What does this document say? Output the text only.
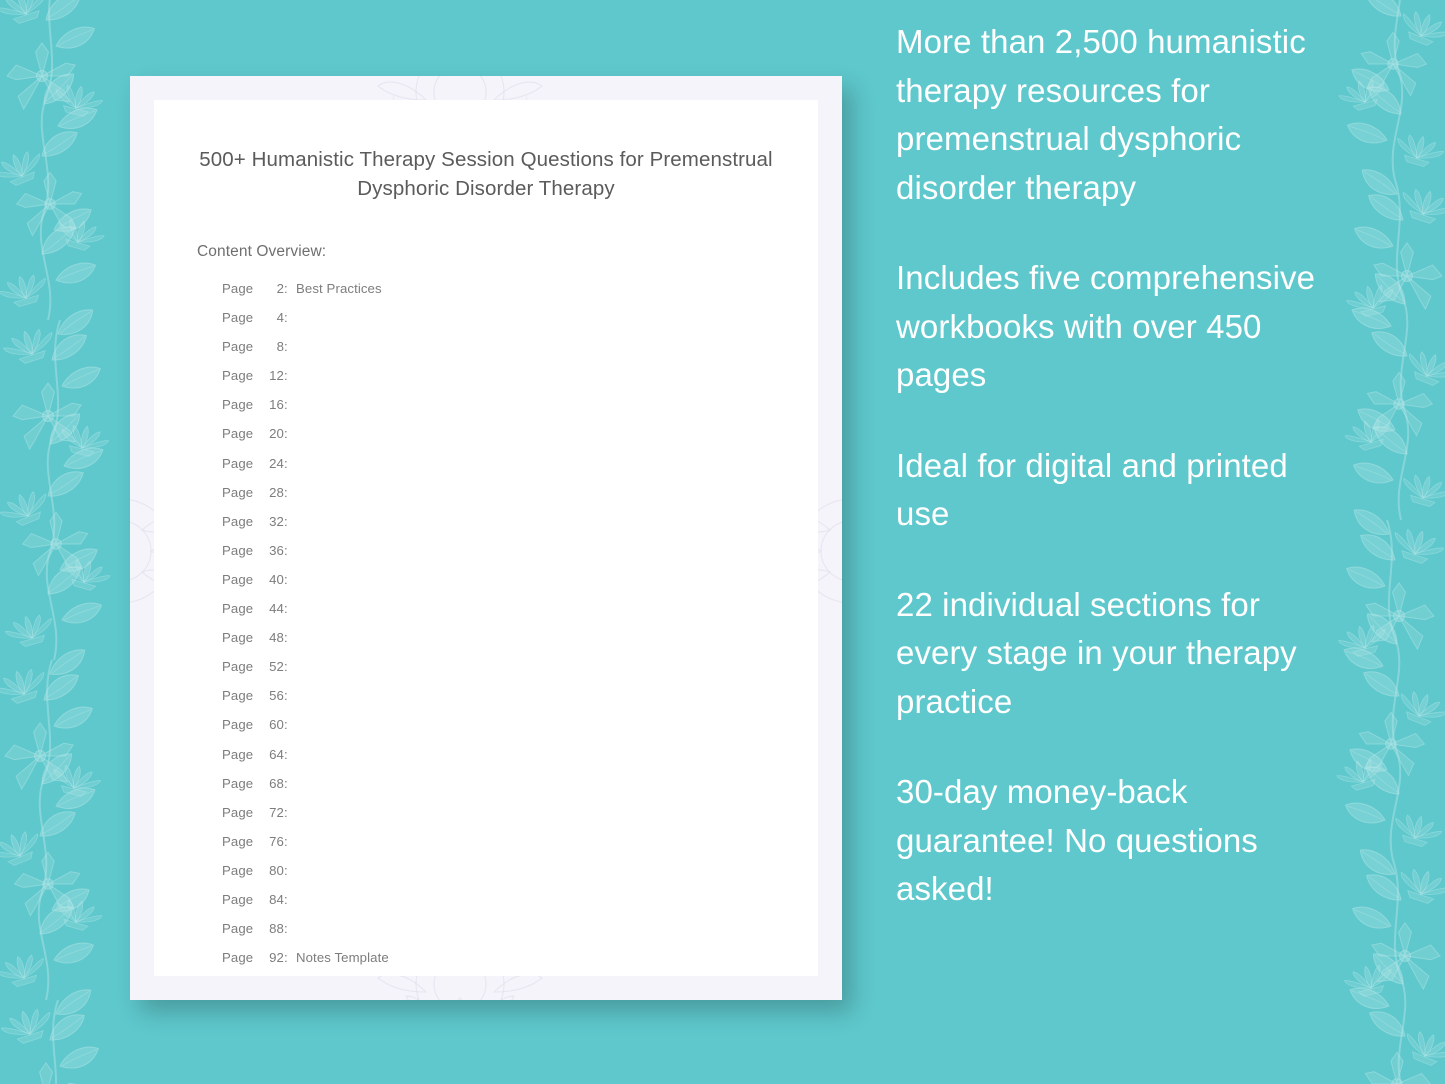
500+ Humanistic Therapy Session Questions for Premenstrual Dysphoric Disorder Therapy
Content Overview:
Page	2 : Best Practices
Page	4 :
Page	8 :
Page	12 :
Page	16 :
Page	20 :
Page	24 :
Page	28 :
Page	32 :
Page	36 :
Page	40 :
Page	44 :
Page	48 :
Page	52 :
Page	56 :
Page	60 :
Page	64 :
Page	68 :
Page	72 :
Page	76 :
Page	80 :
Page	84 :
Page	88 :
Page	92 : Notes Template

More than 2,500 humanistic therapy resources for premenstrual dysphoric disorder therapy

Includes five comprehensive workbooks with over 450 pages

Ideal for digital and printed use

22 individual sections for every stage in your therapy practice

30-day money-back guarantee! No questions asked!
